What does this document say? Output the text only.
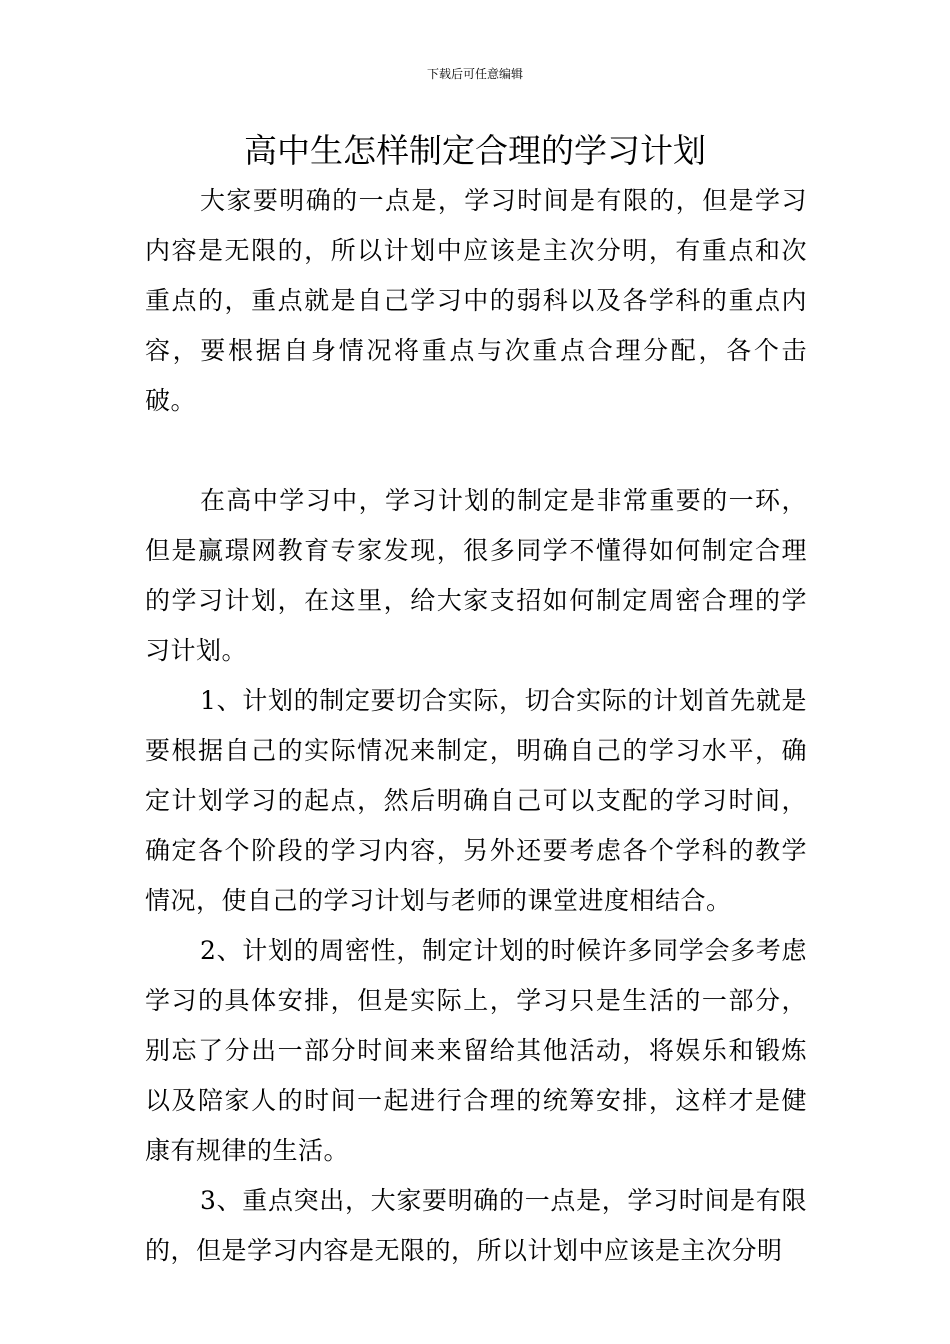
下载后可任意编辑
高中生怎样制定合理的学习计划

大家要明确的一点是，学习时间是有限的，但是学习内容是无限的，所以计划中应该是主次分明，有重点和次重点的，重点就是自己学习中的弱科以及各学科的重点内容，要根据自身情况将重点与次重点合理分配，各个击破。

在高中学习中，学习计划的制定是非常重要的一环，但是赢璟网教育专家发现，很多同学不懂得如何制定合理的学习计划，在这里，给大家支招如何制定周密合理的学习计划。

1、计划的制定要切合实际，切合实际的计划首先就是要根据自己的实际情况来制定，明确自己的学习水平，确定计划学习的起点，然后明确自己可以支配的学习时间，确定各个阶段的学习内容，另外还要考虑各个学科的教学情况，使自己的学习计划与老师的课堂进度相结合。

2、计划的周密性，制定计划的时候许多同学会多考虑学习的具体安排，但是实际上，学习只是生活的一部分，别忘了分出一部分时间来来留给其他活动，将娱乐和锻炼以及陪家人的时间一起进行合理的统筹安排，这样才是健康有规律的生活。

3、重点突出，大家要明确的一点是，学习时间是有限的，但是学习内容是无限的，所以计划中应该是主次分明
